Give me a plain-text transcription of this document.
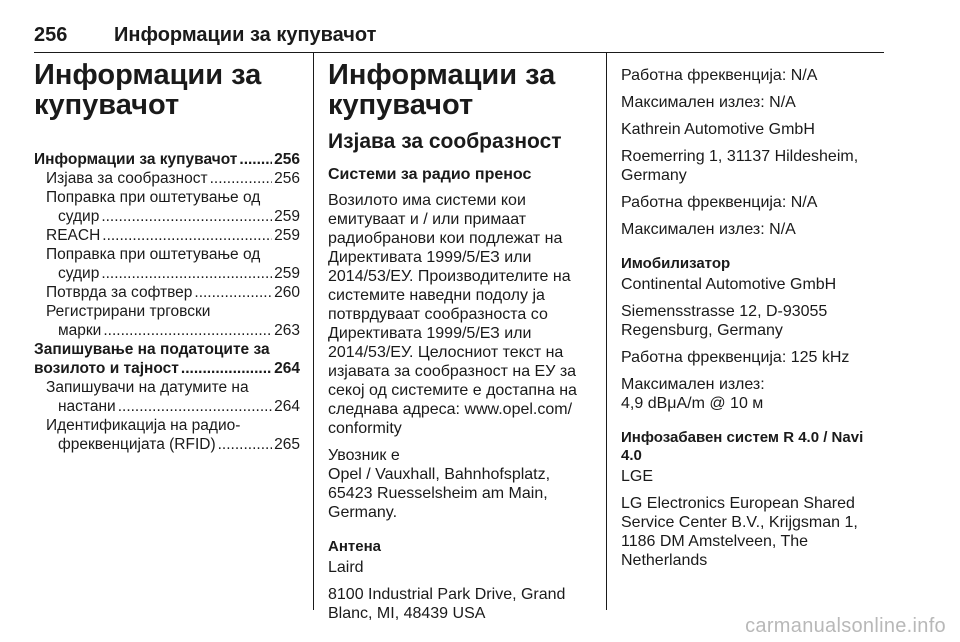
256 Информации за купувачот
Информации за
купувачот
Информации за купувачот ..... 256
Изјава за сообразност .....	256
Поправка при оштетување од
судир .....	259
REACH .....	259
Поправка при оштетување од
судир .....	259
Потврда за софтвер .....	260
Регистрирани трговски
марки .....	263
Запишување на податоците за
возилото и тајност .....	264
Запишувачи на датумите на
настани .....	264
Идентификација на радио-
фреквенцијата (RFID) .....	265
Информации за
купувачот
Изјава за сообразност
Системи за радио пренос

Возилото има системи кои
емитуваат и / или примаат
радиобранови кои подлежат на
Директивата 1999/5/ЕЗ или
2014/53/ЕУ. Производителите на
системите наведни подолу ја
потврдуваат сообразноста со
Директивата 1999/5/ЕЗ или
2014/53/ЕУ. Целосниот текст на
изјавата за сообразност на ЕУ за
секој од системите е достапна на
следнава адреса: www.opel.com/
conformity

Увозник е

Opel / Vauxhall, Bahnhofsplatz,
65423 Ruesselsheim am Main,
Germany.

Антена

Laird

8100 Industrial Park Drive, Grand
Blanc, MI, 48439 USA

Работна фреквенција: N/A

Максимален излез: N/A

Kathrein Automotive GmbH

Roemerring 1, 31137 Hildesheim,
Germany

Работна фреквенција: N/A

Максимален излез: N/A

Имобилизатор

Continental Automotive GmbH

Siemensstrasse 12, D-93055
Regensburg, Germany

Работна фреквенција: 125 kHz

Максимален излез:
4,9 dBμA/m @ 10 м

Инфозабавен систем R 4.0 / Navi
4.0

LGE

LG Electronics European Shared
Service Center B.V., Krijgsman 1,
1186 DM Amstelveen, The
Netherlands

carmanualsonline.info
